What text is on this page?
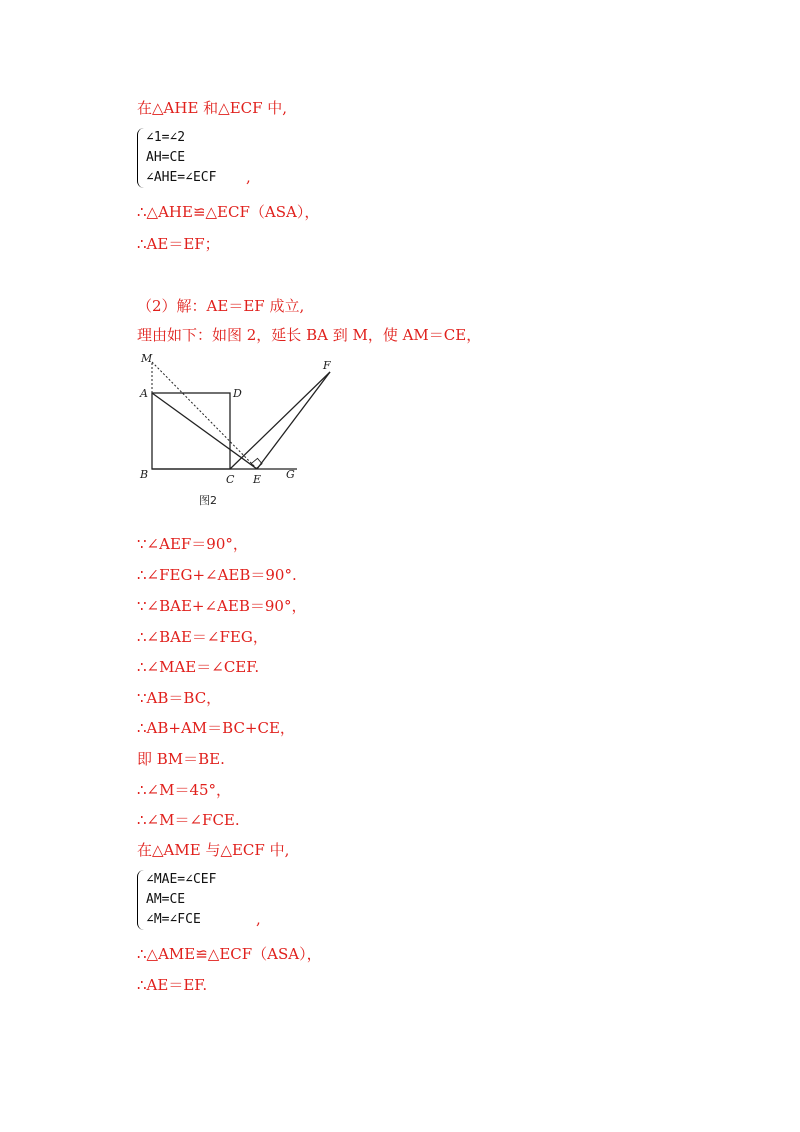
在△AHE 和△ECF 中,
∠1=∠2
AH=CE
∠AHE=∠ECF ,
∴△AHE≌△ECF（ASA），
∴AE＝EF；
（2）解：AE＝EF 成立,
理由如下：如图 2，延长 BA 到 M，使 AM＝CE，
M
A	D
F
B	C E G
图2
∵∠AEF＝90°，
∴∠FEG+∠AEB＝90°.
∵∠BAE+∠AEB＝90°，
∴∠BAE＝∠FEG，
∴∠MAE＝∠CEF.
∵AB＝BC，
∴AB+AM＝BC+CE，
即 BM＝BE.
∴∠M＝45°，
∴∠M＝∠FCE.
在△AME 与△ECF 中,
∠MAE=∠CEF
AM=CE
∠M=∠FCE	,
∴△AME≌△ECF（ASA），
∴AE＝EF.
